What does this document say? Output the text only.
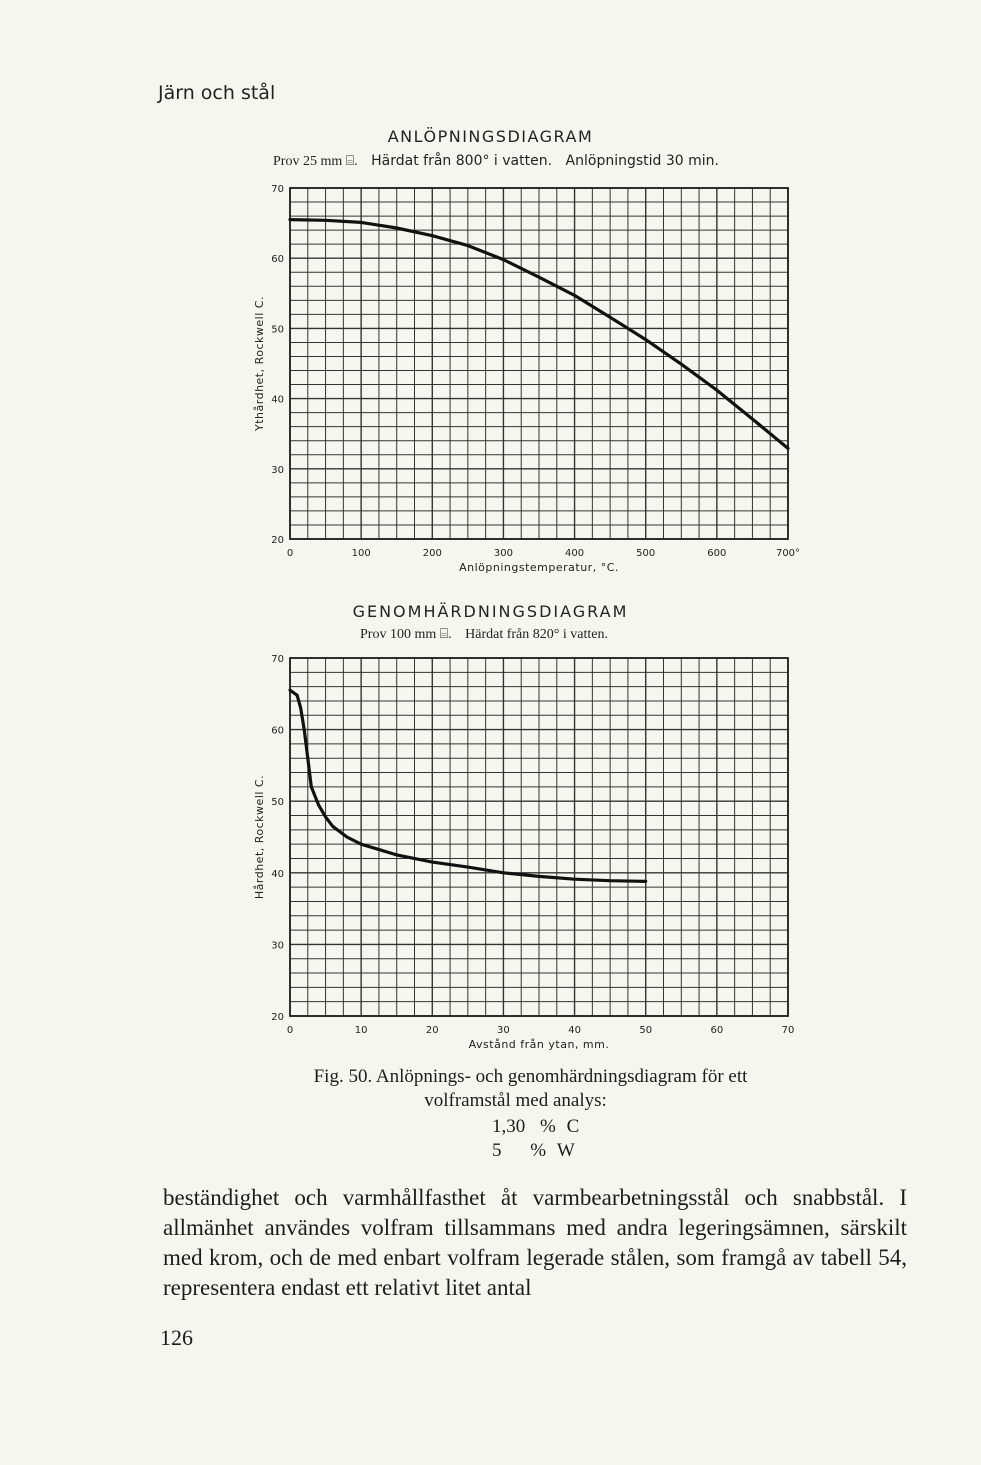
Järn och stål
ANLÖPNINGSDIAGRAM
Prov 25 mm ⌸. Härdat från 800° i vatten. Anlöpningstid 30 min.
0	100	200	300	400	500	600	700°
20
30
40
50
60
70
Anlöpningstemperatur, °C.
Ythårdhet, Rockwell C.
GENOMHÄRDNINGSDIAGRAM
Prov 100 mm ⌸. Härdat från 820° i vatten.
0	10	20	30	40	50	60	70
20
30
40
50
60
70
Avstånd från ytan, mm.
Hårdhet, Rockwell C.
Fig. 50. Anlöpnings- och genomhärdningsdiagram för ett
volframstål med analys:
1,30 % C
5 % W

beständighet och varmhållfasthet åt varmbearbetningsstål och snabbstål. I allmänhet användes volfram tillsammans med andra legeringsämnen, särskilt med krom, och de med enbart volfram legerade stålen, som framgå av tabell 54, representera endast ett relativt litet antal

126
